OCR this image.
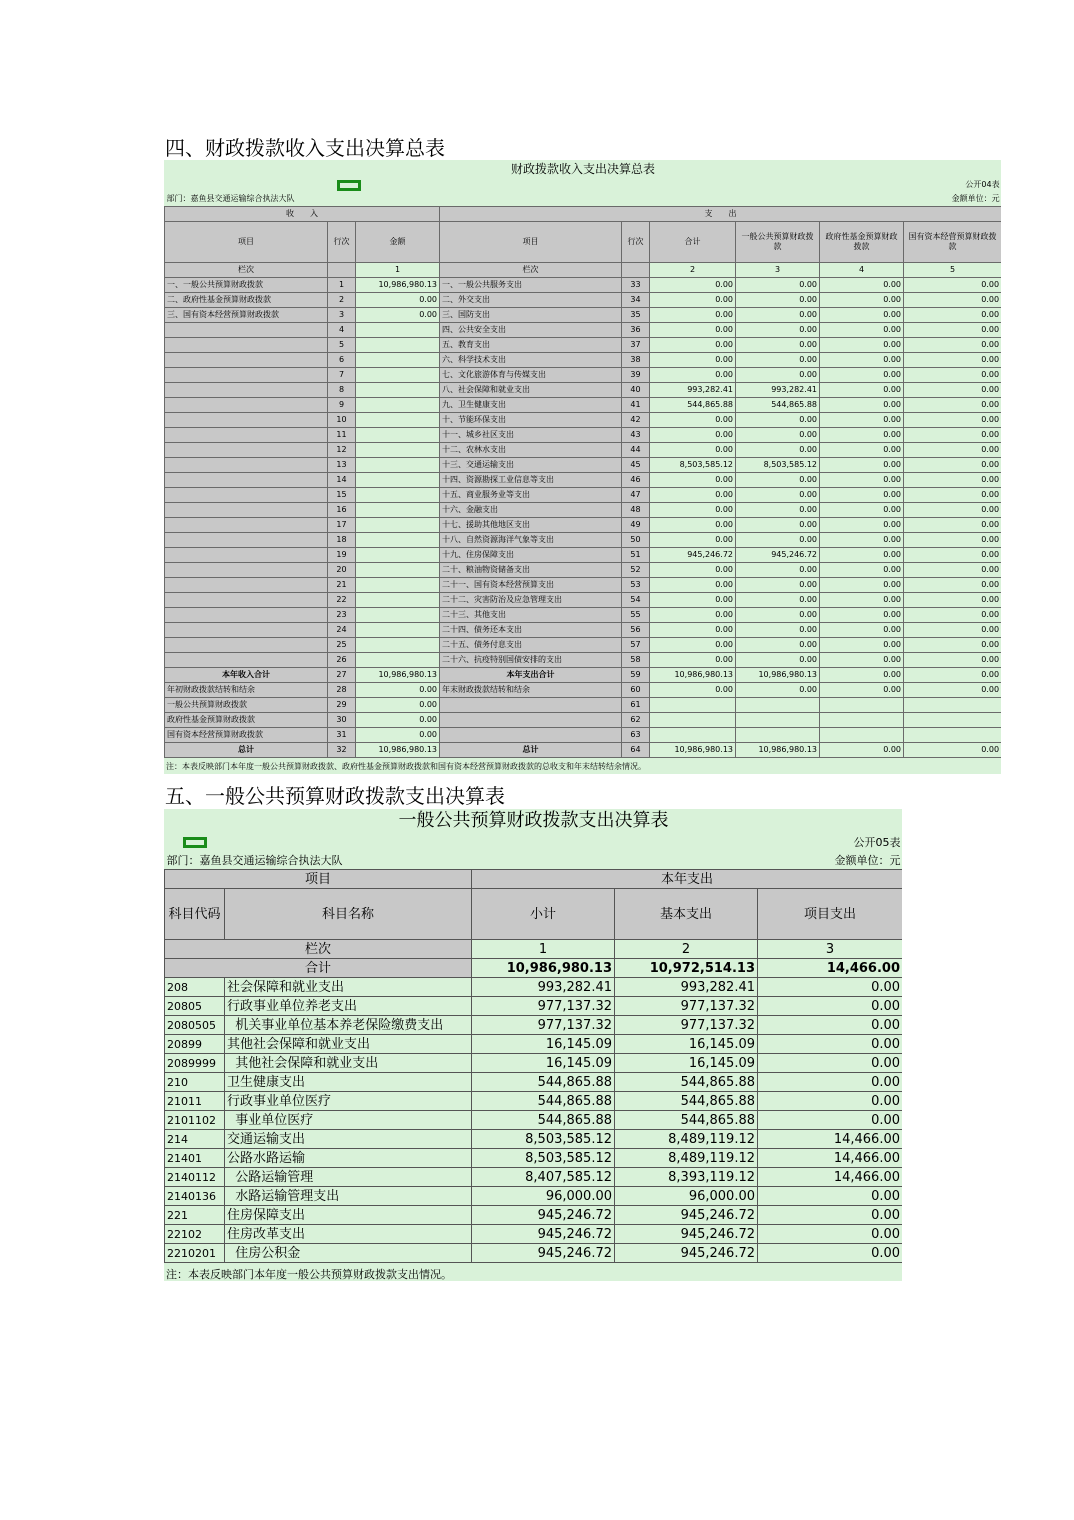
四、财政拨款收入支出决算总表
财政拨款收入支出决算总表								
			公开04表					
部门：嘉鱼县交通运输综合执法大队					金额单位：元			
收　　入			支　　出					
项目	行次	金额	项目	行次	合计	一般公共预算财政拨款	政府性基金预算财政拨款	国有资本经营预算财政拨款
栏次		1	栏次		2	3	4	5
一、一般公共预算财政拨款	1	10,986,980.13	一、一般公共服务支出	33	0.00	0.00	0.00	0.00
二、政府性基金预算财政拨款	2	0.00	二、外交支出	34	0.00	0.00	0.00	0.00
三、国有资本经营预算财政拨款	3	0.00	三、国防支出	35	0.00	0.00	0.00	0.00
	4		四、公共安全支出	36	0.00	0.00	0.00	0.00
	5		五、教育支出	37	0.00	0.00	0.00	0.00
	6		六、科学技术支出	38	0.00	0.00	0.00	0.00
	7		七、文化旅游体育与传媒支出	39	0.00	0.00	0.00	0.00
	8		八、社会保障和就业支出	40	993,282.41	993,282.41	0.00	0.00
	9		九、卫生健康支出	41	544,865.88	544,865.88	0.00	0.00
	10		十、节能环保支出	42	0.00	0.00	0.00	0.00
	11		十一、城乡社区支出	43	0.00	0.00	0.00	0.00
	12		十二、农林水支出	44	0.00	0.00	0.00	0.00
	13		十三、交通运输支出	45	8,503,585.12	8,503,585.12	0.00	0.00
	14		十四、资源勘探工业信息等支出	46	0.00	0.00	0.00	0.00
	15		十五、商业服务业等支出	47	0.00	0.00	0.00	0.00
	16		十六、金融支出	48	0.00	0.00	0.00	0.00
	17		十七、援助其他地区支出	49	0.00	0.00	0.00	0.00
	18		十八、自然资源海洋气象等支出	50	0.00	0.00	0.00	0.00
	19		十九、住房保障支出	51	945,246.72	945,246.72	0.00	0.00
	20		二十、粮油物资储备支出	52	0.00	0.00	0.00	0.00
	21		二十一、国有资本经营预算支出	53	0.00	0.00	0.00	0.00
	22		二十二、灾害防治及应急管理支出	54	0.00	0.00	0.00	0.00
	23		二十三、其他支出	55	0.00	0.00	0.00	0.00
	24		二十四、债务还本支出	56	0.00	0.00	0.00	0.00
	25		二十五、债务付息支出	57	0.00	0.00	0.00	0.00
	26		二十六、抗疫特别国债安排的支出	58	0.00	0.00	0.00	0.00
本年收入合计	27	10,986,980.13	本年支出合计	59	10,986,980.13	10,986,980.13	0.00	0.00
年初财政拨款结转和结余	28	0.00	年末财政拨款结转和结余	60	0.00	0.00	0.00	0.00
一般公共预算财政拨款	29	0.00		61				
政府性基金预算财政拨款	30	0.00		62				
国有资本经营预算财政拨款	31	0.00		63				
总计	32	10,986,980.13	总计	64	10,986,980.13	10,986,980.13	0.00	0.00
注：本表反映部门本年度一般公共预算财政拨款、政府性基金预算财政拨款和国有资本经营预算财政拨款的总收支和年末结转结余情况。
五、一般公共预算财政拨款支出决算表
一般公共预算财政拨款支出决算表				
		公开05表		
部门：嘉鱼县交通运输综合执法大队		金额单位：元		
项目		本年支出		
科目代码	科目名称	小计	基本支出	项目支出
栏次		1	2	3
合计		10,986,980.13	10,972,514.13	14,466.00
208	社会保障和就业支出	993,282.41	993,282.41	0.00
20805	行政事业单位养老支出	977,137.32	977,137.32	0.00
2080505	机关事业单位基本养老保险缴费支出	977,137.32	977,137.32	0.00
20899	其他社会保障和就业支出	16,145.09	16,145.09	0.00
2089999	其他社会保障和就业支出	16,145.09	16,145.09	0.00
210	卫生健康支出	544,865.88	544,865.88	0.00
21011	行政事业单位医疗	544,865.88	544,865.88	0.00
2101102	事业单位医疗	544,865.88	544,865.88	0.00
214	交通运输支出	8,503,585.12	8,489,119.12	14,466.00
21401	公路水路运输	8,503,585.12	8,489,119.12	14,466.00
2140112	公路运输管理	8,407,585.12	8,393,119.12	14,466.00
2140136	水路运输管理支出	96,000.00	96,000.00	0.00
221	住房保障支出	945,246.72	945,246.72	0.00
22102	住房改革支出	945,246.72	945,246.72	0.00
2210201	住房公积金	945,246.72	945,246.72	0.00
注：本表反映部门本年度一般公共预算财政拨款支出情况。
